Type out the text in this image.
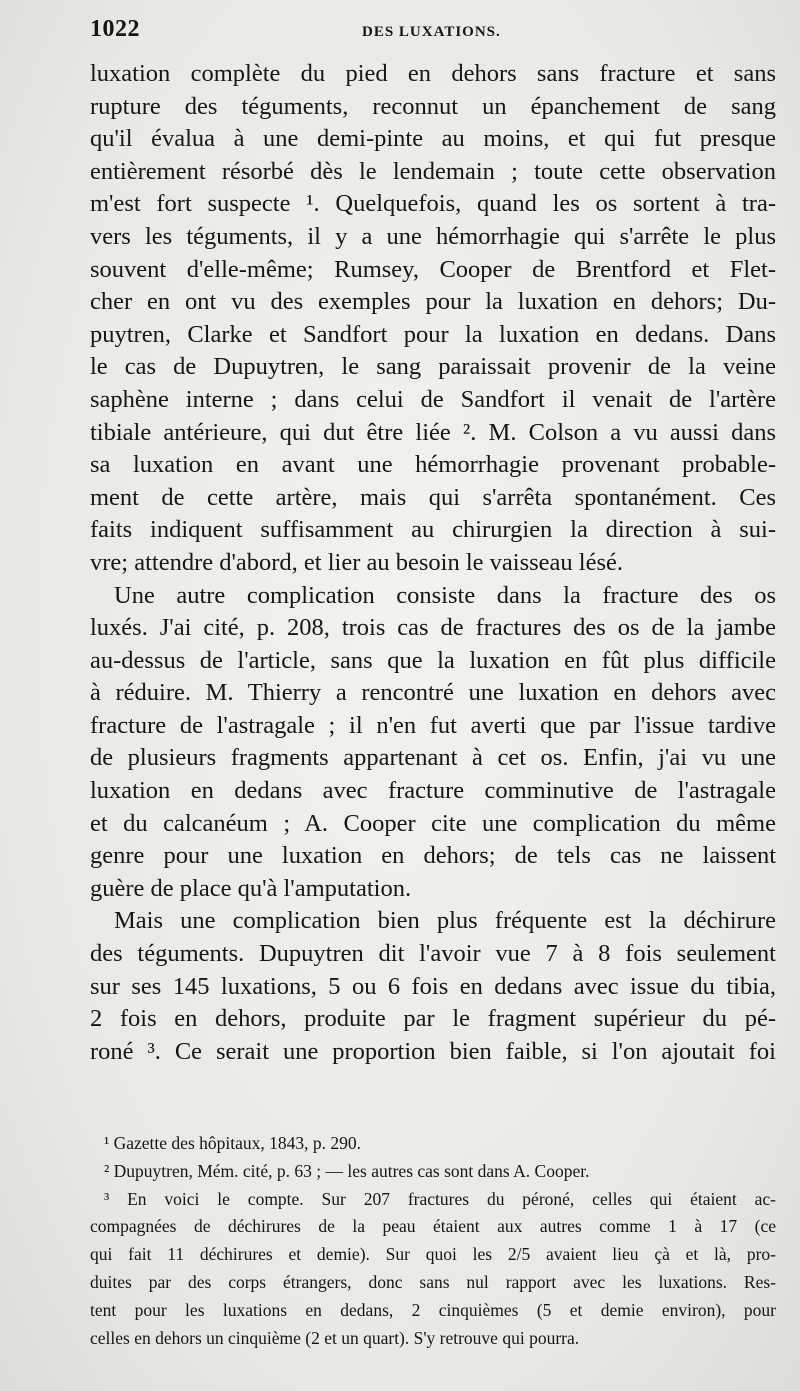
1022	DES LUXATIONS.
luxation complète du pied en dehors sans fracture et sans
rupture des téguments, reconnut un épanchement de sang
qu'il évalua à une demi-pinte au moins, et qui fut presque
entièrement résorbé dès le lendemain ; toute cette observation
m'est fort suspecte ¹. Quelquefois, quand les os sortent à tra-
vers les téguments, il y a une hémorrhagie qui s'arrête le plus
souvent d'elle-même; Rumsey, Cooper de Brentford et Flet-
cher en ont vu des exemples pour la luxation en dehors; Du-
puytren, Clarke et Sandfort pour la luxation en dedans. Dans
le cas de Dupuytren, le sang paraissait provenir de la veine
saphène interne ; dans celui de Sandfort il venait de l'artère
tibiale antérieure, qui dut être liée ². M. Colson a vu aussi dans
sa luxation en avant une hémorrhagie provenant probable-
ment de cette artère, mais qui s'arrêta spontanément. Ces
faits indiquent suffisamment au chirurgien la direction à sui-
vre; attendre d'abord, et lier au besoin le vaisseau lésé.
Une autre complication consiste dans la fracture des os
luxés. J'ai cité, p. 208, trois cas de fractures des os de la jambe
au-dessus de l'article, sans que la luxation en fût plus difficile
à réduire. M. Thierry a rencontré une luxation en dehors avec
fracture de l'astragale ; il n'en fut averti que par l'issue tardive
de plusieurs fragments appartenant à cet os. Enfin, j'ai vu une
luxation en dedans avec fracture comminutive de l'astragale
et du calcanéum ; A. Cooper cite une complication du même
genre pour une luxation en dehors; de tels cas ne laissent
guère de place qu'à l'amputation.
Mais une complication bien plus fréquente est la déchirure
des téguments. Dupuytren dit l'avoir vue 7 à 8 fois seulement
sur ses 145 luxations, 5 ou 6 fois en dedans avec issue du tibia,
2 fois en dehors, produite par le fragment supérieur du pé-
roné ³. Ce serait une proportion bien faible, si l'on ajoutait foi
¹ Gazette des hôpitaux, 1843, p. 290.
² Dupuytren, Mém. cité, p. 63 ; — les autres cas sont dans A. Cooper.
³ En voici le compte. Sur 207 fractures du péroné, celles qui étaient ac-
compagnées de déchirures de la peau étaient aux autres comme 1 à 17 (ce
qui fait 11 déchirures et demie). Sur quoi les 2/5 avaient lieu çà et là, pro-
duites par des corps étrangers, donc sans nul rapport avec les luxations. Res-
tent pour les luxations en dedans, 2 cinquièmes (5 et demie environ), pour
celles en dehors un cinquième (2 et un quart). S'y retrouve qui pourra.
